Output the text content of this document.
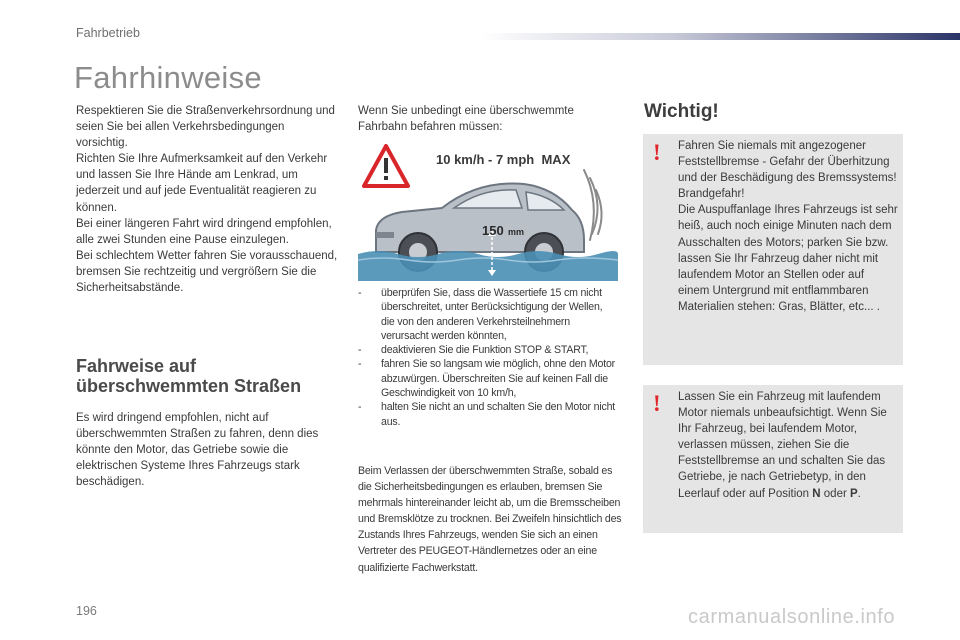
Fahrbetrieb
Fahrhinweise

Respektieren Sie die Straßenverkehrsordnung und seien Sie bei allen Verkehrsbedingungen vorsichtig.

Richten Sie Ihre Aufmerksamkeit auf den Verkehr und lassen Sie Ihre Hände am Lenkrad, um jederzeit und auf jede Eventualität reagieren zu können.

Bei einer längeren Fahrt wird dringend empfohlen, alle zwei Stunden eine Pause einzulegen.

Bei schlechtem Wetter fahren Sie vorausschauend, bremsen Sie rechtzeitig und vergrößern Sie die Sicherheitsabstände.

Fahrweise auf
überschwemmten Straßen

Es wird dringend empfohlen, nicht auf überschwemmten Straßen zu fahren, denn dies könnte den Motor, das Getriebe sowie die elektrischen Systeme Ihres Fahrzeugs stark beschädigen.

Wenn Sie unbedingt eine überschwemmte Fahrbahn befahren müssen:

10 km/h - 7 mph  MAX
150 mm
- überprüfen Sie, dass die Wassertiefe 15 cm nicht überschreitet, unter Berücksichtigung der Wellen, die von den anderen Verkehrsteilnehmern verursacht werden könnten,
- deaktivieren Sie die Funktion STOP & START,
- fahren Sie so langsam wie möglich, ohne den Motor abzuwürgen. Überschreiten Sie auf keinen Fall die Geschwindigkeit von 10 km/h,
- halten Sie nicht an und schalten Sie den Motor nicht aus.

Beim Verlassen der überschwemmten Straße, sobald es die Sicherheitsbedingungen es erlauben, bremsen Sie mehrmals hintereinander leicht ab, um die Bremsscheiben und Bremsklötze zu trocknen. Bei Zweifeln hinsichtlich des Zustands Ihres Fahrzeugs, wenden Sie sich an einen Vertreter des PEUGEOT-Händlernetzes oder an eine qualifizierte Fachwerkstatt.

Wichtig!
! Fahren Sie niemals mit angezogener Feststellbremse - Gefahr der Überhitzung und der Beschädigung des Bremssystems!
Brandgefahr!
Die Auspuffanlage Ihres Fahrzeugs ist sehr heiß, auch noch einige Minuten nach dem Ausschalten des Motors; parken Sie bzw. lassen Sie Ihr Fahrzeug daher nicht mit laufendem Motor an Stellen oder auf einem Untergrund mit entflammbaren Materialien stehen: Gras, Blätter, etc... .

! Lassen Sie ein Fahrzeug mit laufendem Motor niemals unbeaufsichtigt. Wenn Sie Ihr Fahrzeug, bei laufendem Motor, verlassen müssen, ziehen Sie die Feststellbremse an und schalten Sie das Getriebe, je nach Getriebetyp, in den Leerlauf oder auf Position N oder P.

196	carmanualsonline.info
